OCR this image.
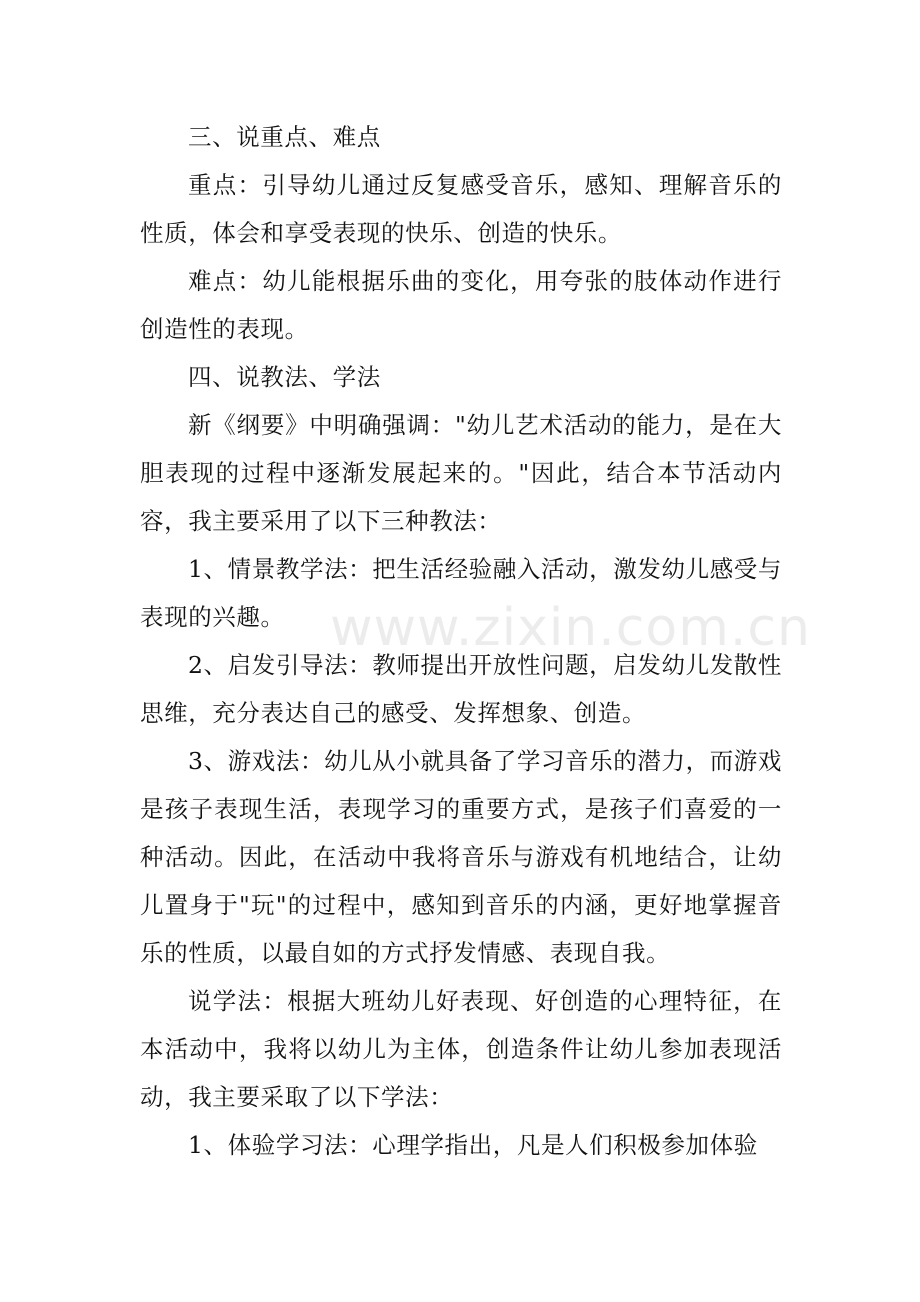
三、说重点、难点

重点：引导幼儿通过反复感受音乐，感知、理解音乐的性质，体会和享受表现的快乐、创造的快乐。

难点：幼儿能根据乐曲的变化，用夸张的肢体动作进行创造性的表现。

四、说教法、学法

新《纲要》中明确强调："幼儿艺术活动的能力，是在大胆表现的过程中逐渐发展起来的。"因此，结合本节活动内容，我主要采用了以下三种教法：

1、情景教学法：把生活经验融入活动，激发幼儿感受与表现的兴趣。

2、启发引导法：教师提出开放性问题，启发幼儿发散性思维，充分表达自己的感受、发挥想象、创造。

3、游戏法：幼儿从小就具备了学习音乐的潜力，而游戏是孩子表现生活，表现学习的重要方式，是孩子们喜爱的一种活动。因此，在活动中我将音乐与游戏有机地结合，让幼儿置身于"玩"的过程中，感知到音乐的内涵，更好地掌握音乐的性质，以最自如的方式抒发情感、表现自我。

说学法：根据大班幼儿好表现、好创造的心理特征，在本活动中，我将以幼儿为主体，创造条件让幼儿参加表现活动，我主要采取了以下学法：

1、体验学习法：心理学指出，凡是人们积极参加体验

www.zixin.com.cn
